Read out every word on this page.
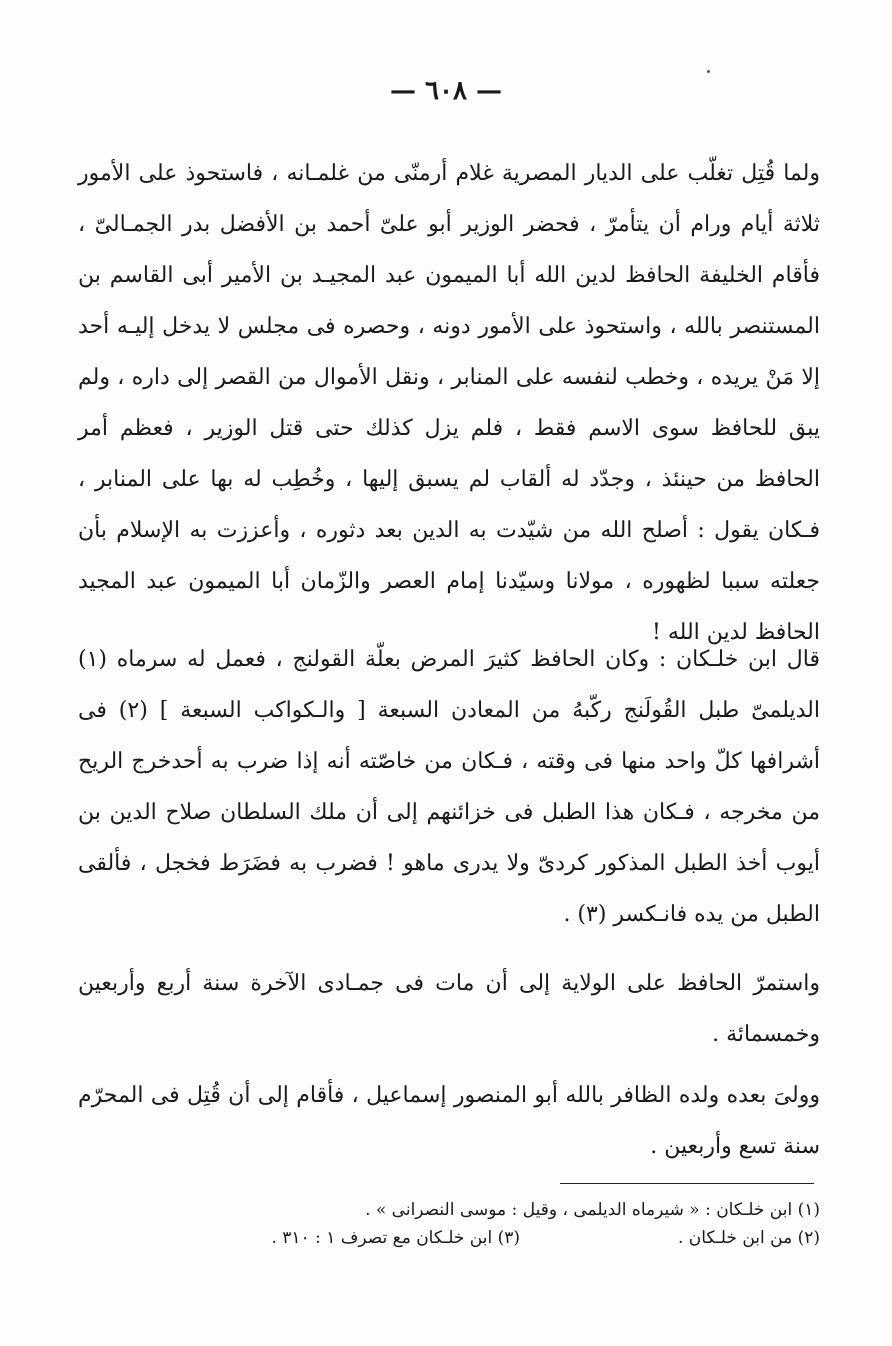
— ٦٠٨ —

ولما قُتِل تغلّب على الديار المصرية غلام أرمنّى من غلمـانه ، فاستحوذ على الأمور ثلاثة أيام ورام أن يتأمرّ ، فحضر الوزير أبو علىّ أحمد بن الأفضل بدر الجمـالىّ ، فأقام الخليفة الحافظ لدين الله أبا الميمون عبد المجيـد بن الأمير أبى القاسم بن المستنصر بالله ، واستحوذ على الأمور دونه ، وحصره فى مجلس لا يدخل إليـه أحد إلا مَنْ يريده ، وخطب لنفسه على المنابر ، ونقل الأموال من القصر إلى داره ، ولم يبق للحافظ سوى الاسم فقط ، فلم يزل كذلك حتى قتل الوزير ، فعظم أمر الحافظ من حينئذ ، وجدّد له ألقاب لم يسبق إليها ، وخُطِب له بها على المنابر ، فـكان يقول : أصلح الله من شيّدت به الدين بعد دثوره ، وأعززت به الإسلام بأن جعلته سببا لظهوره ، مولانا وسيّدنا إمام العصر والزّمان أبا الميمون عبد المجيد الحافظ لدين الله !

قال ابن خلـكان : وكان الحافظ كثيرَ المرض بعلّة القولنج ، فعمل له سرماه (١) الديلمىّ طبل القُولَنج ركّبهُ من المعادن السبعة [ والـكواكب السبعة ] (٢) فى أشرافها كلّ واحد منها فى وقته ، فـكان من خاصّته أنه إذا ضرب به أحدخرج الريح من مخرجه ، فـكان هذا الطبل فى خزائنهم إلى أن ملك السلطان صلاح الدين بن أيوب أخذ الطبل المذكور كردىّ ولا يدرى ماهو ! فضرب به فضَرَط فخجل ، فألقى الطبل من يده فانـكسر (٣) .

واستمرّ الحافظ على الولاية إلى أن مات فى جمـادى الآخرة سنة أربع وأربعين وخمسمائة .

وولىَ بعده ولده الظافر بالله أبو المنصور إسماعيل ، فأقام إلى أن قُتِل فى المحرّم سنة تسع وأربعين .

(١) ابن خلـكان : « شيرماه الديلمى ، وقيل : موسى النصرانى » .
(٢) من ابن خلـكان .
(٣) ابن خلـكان مع تصرف ١ : ٣١٠ .
